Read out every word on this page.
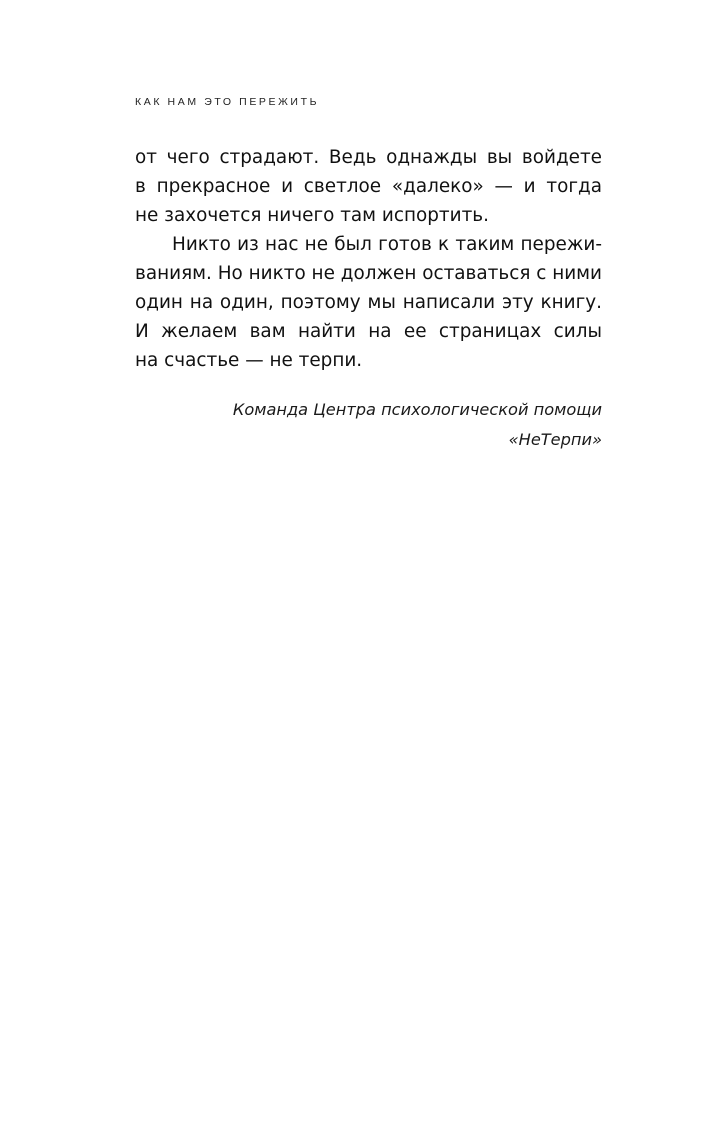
КАК НАМ ЭТО ПЕРЕЖИТЬ
от чего страдают. Ведь однажды вы войдете
в прекрасное и светлое «далеко» — и тогда
не захочется ничего там испортить.
Никто из нас не был готов к таким пережи-
ваниям. Но никто не должен оставаться с ними
один на один, поэтому мы написали эту книгу.
И желаем вам найти на ее страницах силы
на счастье — не терпи.
Команда Центра психологической помощи
«НеТерпи»
